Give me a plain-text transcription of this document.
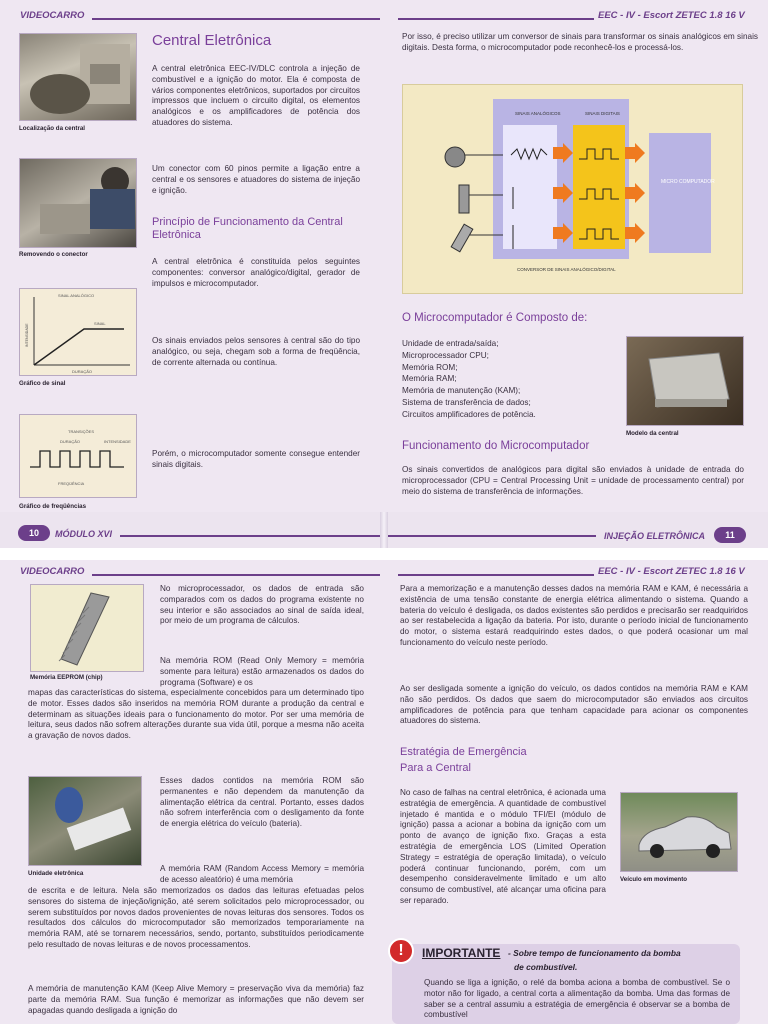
VIDEOCARRO
Localização da central
Central Eletrônica
A central eletrônica EEC-IV/DLC controla a injeção de combustível e a ignição do motor. Ela é composta de vários componentes eletrônicos, suportados por circuitos impressos que incluem o circuito digital, os elementos analógicos e os amplificadores de potência dos atuadores do sistema.
Removendo o conector
Um conector com 60 pinos permite a ligação entre a central e os sensores e atuadores do sistema de injeção e ignição.
Princípio de Funcionamento da Central Eletrônica
A central eletrônica é constituída pelos seguintes componentes: conversor analógico/digital, gerador de impulsos e microcomputador.
SINAL ANALÓGICO
SINAL
INTENSIDADE
DURAÇÃO
Gráfico de sinal
Os sinais enviados pelos sensores à central são do tipo analógico, ou seja, chegam sob a forma de freqüência, de corrente alternada ou contínua.
TRANSIÇÕES
DURAÇÃO	INTENSIDADE
FREQÜÊNCIA
Gráfico de freqüências
Porém, o microcomputador somente consegue entender sinais digitais.
10	MÓDULO XVI
EEC - IV - Escort ZETEC 1.8 16 V
Por isso, é preciso utilizar um conversor de sinais para transformar os sinais analógicos em sinais digitais. Desta forma, o microcomputador pode reconhecê-los e processá-los.
SINAIS ANALÓGICOS	SINAIS DIGITAIS
MICRO COMPUTADOR
CONVERSOR DE SINAIS ANALÓGICO/DIGITAL
O Microcomputador é Composto de:
Unidade de entrada/saída;
Microprocessador CPU;
Memória ROM;
Memória RAM;
Memória de manutenção (KAM);
Sistema de transferência de dados;
Circuitos amplificadores de potência.
Modelo da central
Funcionamento do Microcomputador
Os sinais convertidos de analógicos para digital são enviados à unidade de entrada do microprocessador (CPU = Central Processing Unit = unidade de processamento central) por meio do sistema de transferência de informações.
INJEÇÃO ELETRÔNICA	11
VIDEOCARRO
Memória EEPROM (chip)
No microprocessador, os dados de entrada são comparados com os dados do programa existente no seu interior e são associados ao sinal de saída ideal, por meio de um programa de cálculos.
Na memória ROM (Read Only Memory = memória somente para leitura) estão armazenados os dados do programa (Software) e os
mapas das características do sistema, especialmente concebidos para um determinado tipo de motor. Esses dados são inseridos na memória ROM durante a produção da central e determinam as situações ideais para o funcionamento do motor. Por ser uma memória de leitura, seus dados não sofrem alterações durante sua vida útil, porque a mesma não aceita a gravação de novos dados.
Unidade eletrônica
Esses dados contidos na memória ROM são permanentes e não dependem da manutenção da alimentação elétrica da central. Portanto, esses dados não sofrem interferência com o desligamento da fonte de energia elétrica do veículo (bateria).
A memória RAM (Random Access Memory = memória de acesso aleatório) é uma memória
de escrita e de leitura. Nela são memorizados os dados das leituras efetuadas pelos sensores do sistema de injeção/ignição, até serem solicitados pelo microprocessador, ou serem substituídos por novos dados provenientes de novas leituras dos sensores. Todos os resultados dos cálculos do microcomputador são memorizados temporariamente na memória RAM, até se tornarem necessários, sendo, portanto, substituídos periodicamente pelo resultado de novas leituras e de novos processamentos.
A memória de manutenção KAM (Keep Alive Memory = preservação viva da memória) faz parte da memória RAM. Sua função é memorizar as informações que não devem ser apagadas quando desligada a ignição do
EEC - IV - Escort ZETEC 1.8 16 V
Para a memorização e a manutenção desses dados na memória RAM e KAM, é necessária a existência de uma tensão constante de energia elétrica alimentando o sistema. Quando a bateria do veículo é desligada, os dados existentes são perdidos e precisarão ser readquiridos ao ser restabelecida a ligação da bateria. Por isto, durante o período inicial de funcionamento do motor, o sistema estará readquirindo estes dados, o que poderá ocasionar um mal funcionamento do veículo neste período.
Ao ser desligada somente a ignição do veículo, os dados contidos na memória RAM e KAM não são perdidos. Os dados que saem do microcomputador são enviados aos circuitos amplificadores de potência para que tenham capacidade para acionar os componentes atuadores do sistema.
Estratégia de Emergência
Para a Central
No caso de falhas na central eletrônica, é acionada uma estratégia de emergência. A quantidade de combustível injetado é mantida e o módulo TFI/EI (módulo de ignição) passa a acionar a bobina da ignição com um ponto de avanço de ignição fixo. Graças a esta estratégia de emergência LOS (Limited Operation Strategy = estratégia de operação limitada), o veículo poderá continuar funcionando, porém, com um desempenho consideravelmente limitado e um alto consumo de combustível, até alcançar uma oficina para ser reparado.
Veículo em movimento
!	IMPORTANTE - Sobre tempo de funcionamento da bomba
de combustível.
Quando se liga a ignição, o relé da bomba aciona a bomba de combustível. Se o motor não for ligado, a central corta a alimentação da bomba. Uma das formas de saber se a central assumiu a estratégia de emergência é observar se a bomba de combustível
